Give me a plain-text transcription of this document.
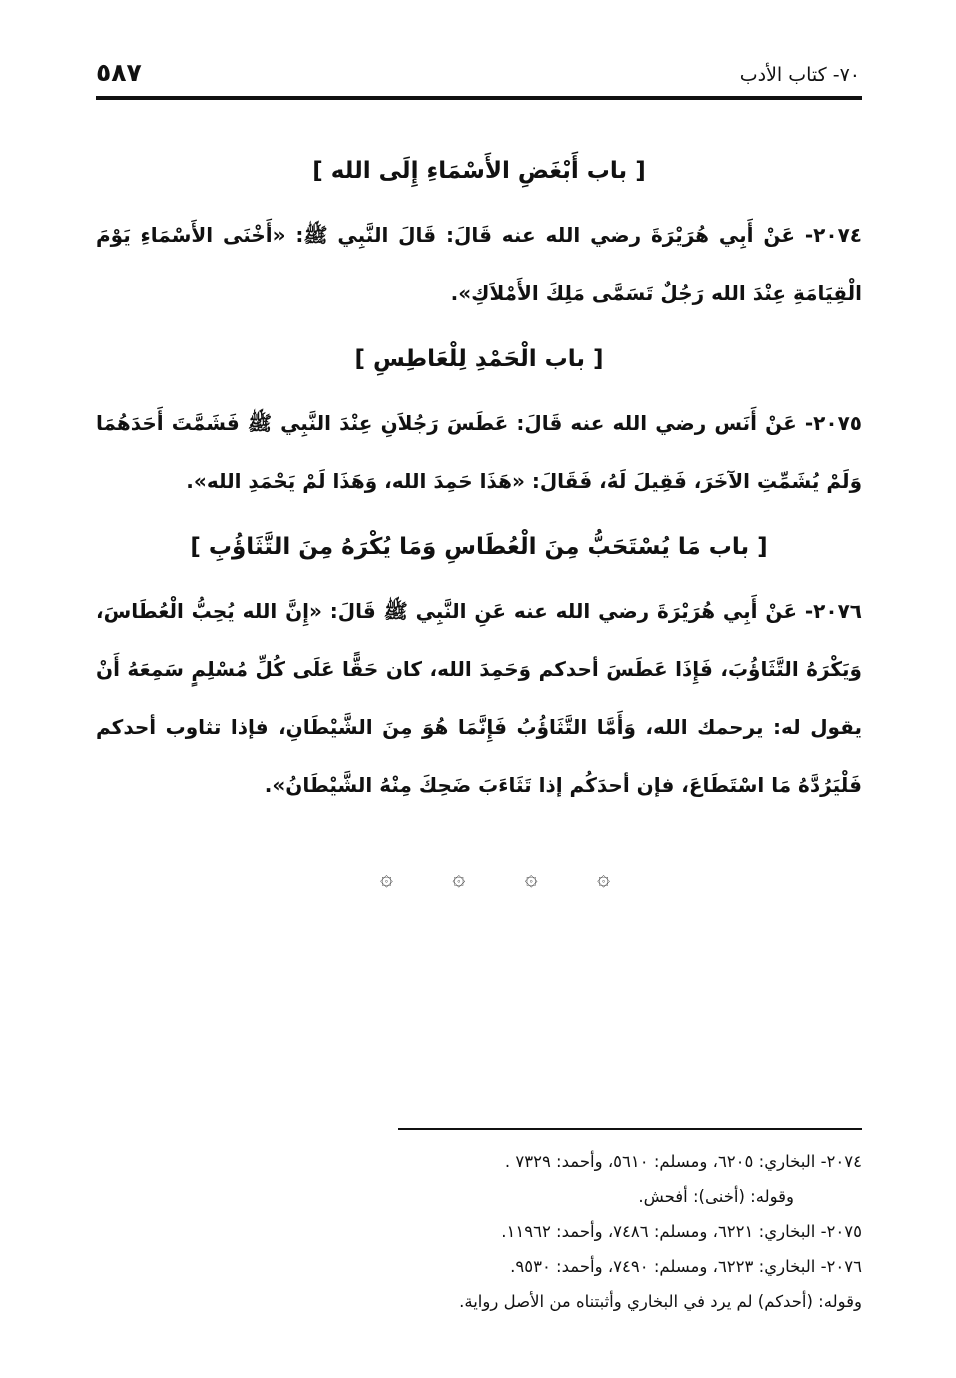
٧٠- كتاب الأدب
٥٨٧
[ باب أَبْغَضِ الأَسْمَاءِ إِلَى الله ]

٢٠٧٤- عَنْ أَبِي هُرَيْرَةَ رضي الله عنه قَالَ: قَالَ النَّبِي ﷺ: «أَخْنَى الأَسْمَاءِ يَوْمَ الْقِيَامَةِ عِنْدَ الله رَجُلٌ تَسَمَّى مَلِكَ الأَمْلاَكِ».

[ باب الْحَمْدِ لِلْعَاطِسِ ]

٢٠٧٥- عَنْ أَنَس رضي الله عنه قَالَ: عَطَسَ رَجُلاَنِ عِنْدَ النَّبِي ﷺ فَشَمَّتَ أَحَدَهُمَا وَلَمْ يُشَمِّتِ الآخَرَ، فَقِيلَ لَهُ، فَقَالَ: «هَذَا حَمِدَ الله، وَهَذَا لَمْ يَحْمَدِ الله».

[ باب مَا يُسْتَحَبُّ مِنَ الْعُطَاسِ وَمَا يُكْرَهُ مِنَ التَّثَاؤُبِ ]

٢٠٧٦- عَنْ أَبِي هُرَيْرَةَ رضي الله عنه عَنِ النَّبِي ﷺ قَالَ: «إِنَّ الله يُحِبُّ الْعُطَاسَ، وَيَكْرَهُ التَّثَاؤُبَ، فَإِذَا عَطَسَ أحدكم وَحَمِدَ الله، كان حَقًّا عَلَى كُلِّ مُسْلِمٍ سَمِعَهُ أَنْ يقول له: يرحمك الله، وَأَمَّا التَّثَاؤُبُ فَإِنَّمَا هُوَ مِنَ الشَّيْطَانِ، فإذا تثاوب أحدكم فَلْيَرُدَّهُ مَا اسْتَطَاعَ، فإن أحدَكُم إذا تَثَاءَبَ ضَحِكَ مِنْهُ الشَّيْطَانُ».

۞	۞	۞	۞
٢٠٧٤- البخاري: ٦٢٠٥، ومسلم: ٥٦١٠، وأحمد: ٧٣٢٩ .
وقوله: (أخنى): أفحش.
٢٠٧٥- البخاري: ٦٢٢١، ومسلم: ٧٤٨٦، وأحمد: ١١٩٦٢.
٢٠٧٦- البخاري: ٦٢٢٣، ومسلم: ٧٤٩٠، وأحمد: ٩٥٣٠.
وقوله: (أحدكم) لم يرد في البخاري وأثبتناه من الأصل رواية.
